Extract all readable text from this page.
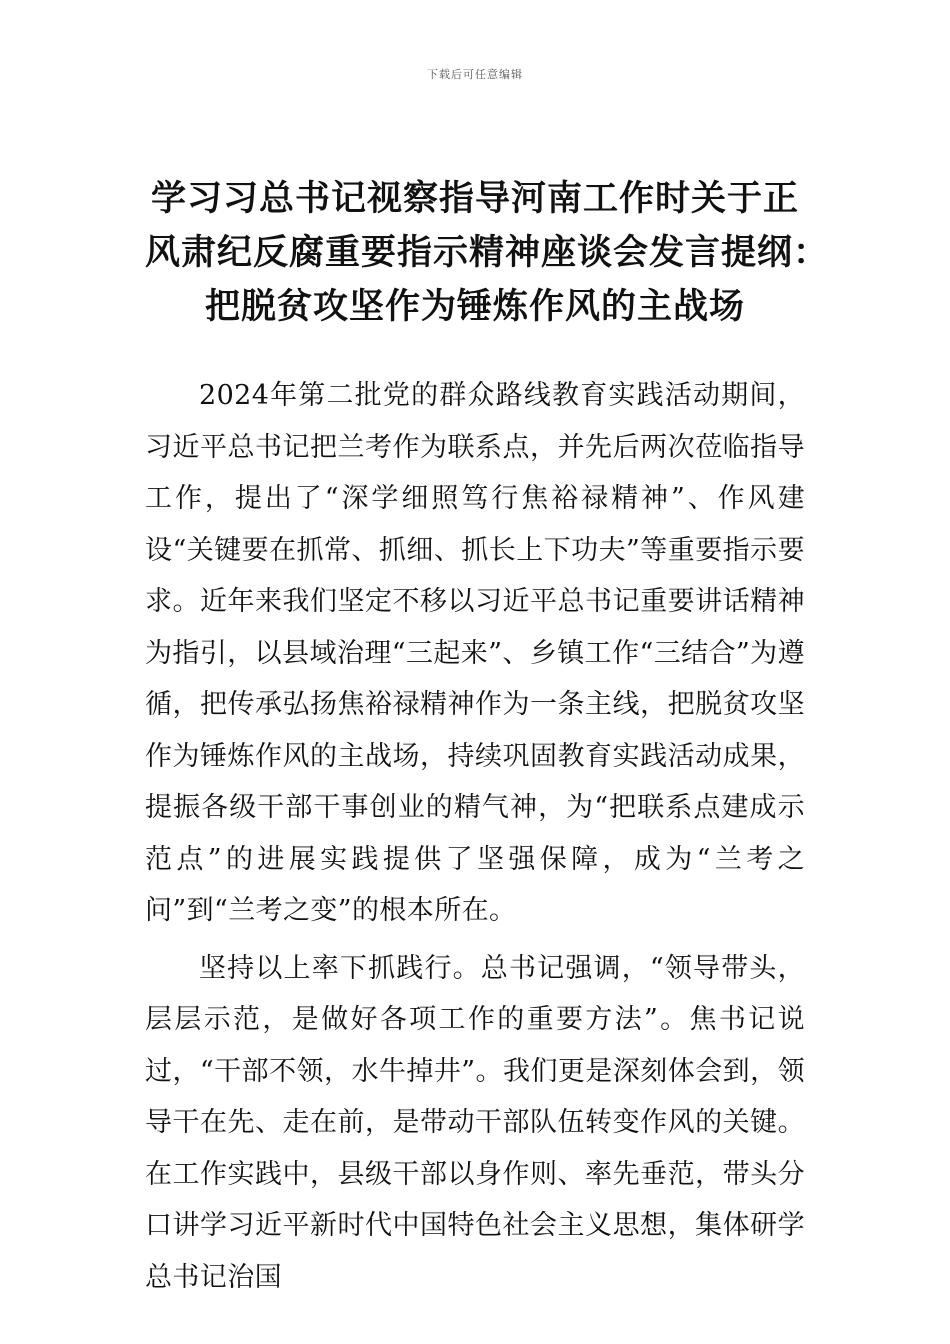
下载后可任意编辑
学习习总书记视察指导河南工作时关于正
风肃纪反腐重要指示精神座谈会发言提纲：
把脱贫攻坚作为锤炼作风的主战场

2024年第二批党的群众路线教育实践活动期间，习近平总书记把兰考作为联系点，并先后两次莅临指导工作，提出了“深学细照笃行焦裕禄精神”、作风建设“关键要在抓常、抓细、抓长上下功夫”等重要指示要求。近年来我们坚定不移以习近平总书记重要讲话精神为指引，以县域治理“三起来”、乡镇工作“三结合”为遵循，把传承弘扬焦裕禄精神作为一条主线，把脱贫攻坚作为锤炼作风的主战场，持续巩固教育实践活动成果，提振各级干部干事创业的精气神，为“把联系点建成示范点”的进展实践提供了坚强保障，成为“兰考之问”到“兰考之变”的根本所在。

坚持以上率下抓践行。总书记强调，“领导带头，层层示范，是做好各项工作的重要方法”。焦书记说过，“干部不领，水牛掉井”。我们更是深刻体会到，领导干在先、走在前，是带动干部队伍转变作风的关键。在工作实践中，县级干部以身作则、率先垂范，带头分口讲学习近平新时代中国特色社会主义思想，集体研学总书记治国
